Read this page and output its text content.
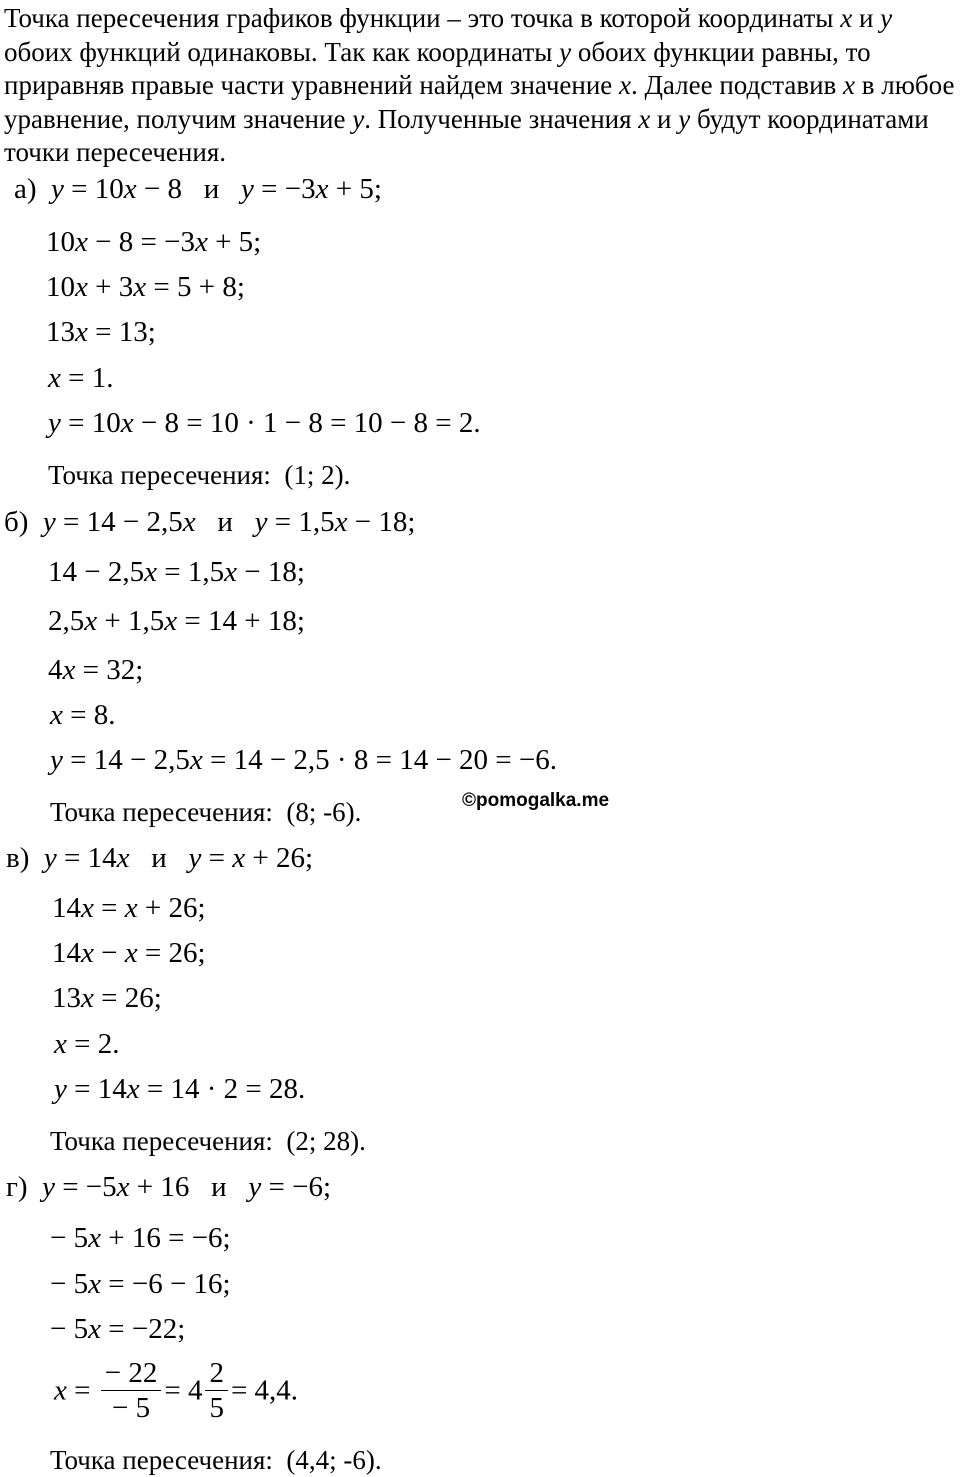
Точка пересечения графиков функции – это точка в которой координаты x и y обоих функций одинаковы. Так как координаты y обоих функции равны, то приравняв правые части уравнений найдем значение x. Далее подставив x в любое уравнение, получим значение y. Полученные значения x и y будут координатами точки пересечения.

а)  y = 10x − 8   и   y = −3x + 5;
10x − 8 = −3x + 5;
10x + 3x = 5 + 8;
13x = 13;
x = 1.
y = 10x − 8 = 10 · 1 − 8 = 10 − 8 = 2.
Точка пересечения:  (1; 2).
б)  y = 14 − 2,5x   и   y = 1,5x − 18;
14 − 2,5x = 1,5x − 18;
2,5x + 1,5x = 14 + 18;
4x = 32;
x = 8.
y = 14 − 2,5x = 14 − 2,5 · 8 = 14 − 20 = −6.
Точка пересечения:  (8; -6).	©pomogalka.me
в)  y = 14x   и   y = x + 26;
14x = x + 26;
14x − x = 26;
13x = 26;
x = 2.
y = 14x = 14 · 2 = 28.
Точка пересечения:  (2; 28).
г)  y = −5x + 16   и   y = −6;
− 5x + 16 = −6;
− 5x = −6 − 16;
− 5x = −22;
$x = \frac{- 22}{- 5} = 4 \frac{2}{5} = 4,4$.
Точка пересечения:  (4,4; -6).
